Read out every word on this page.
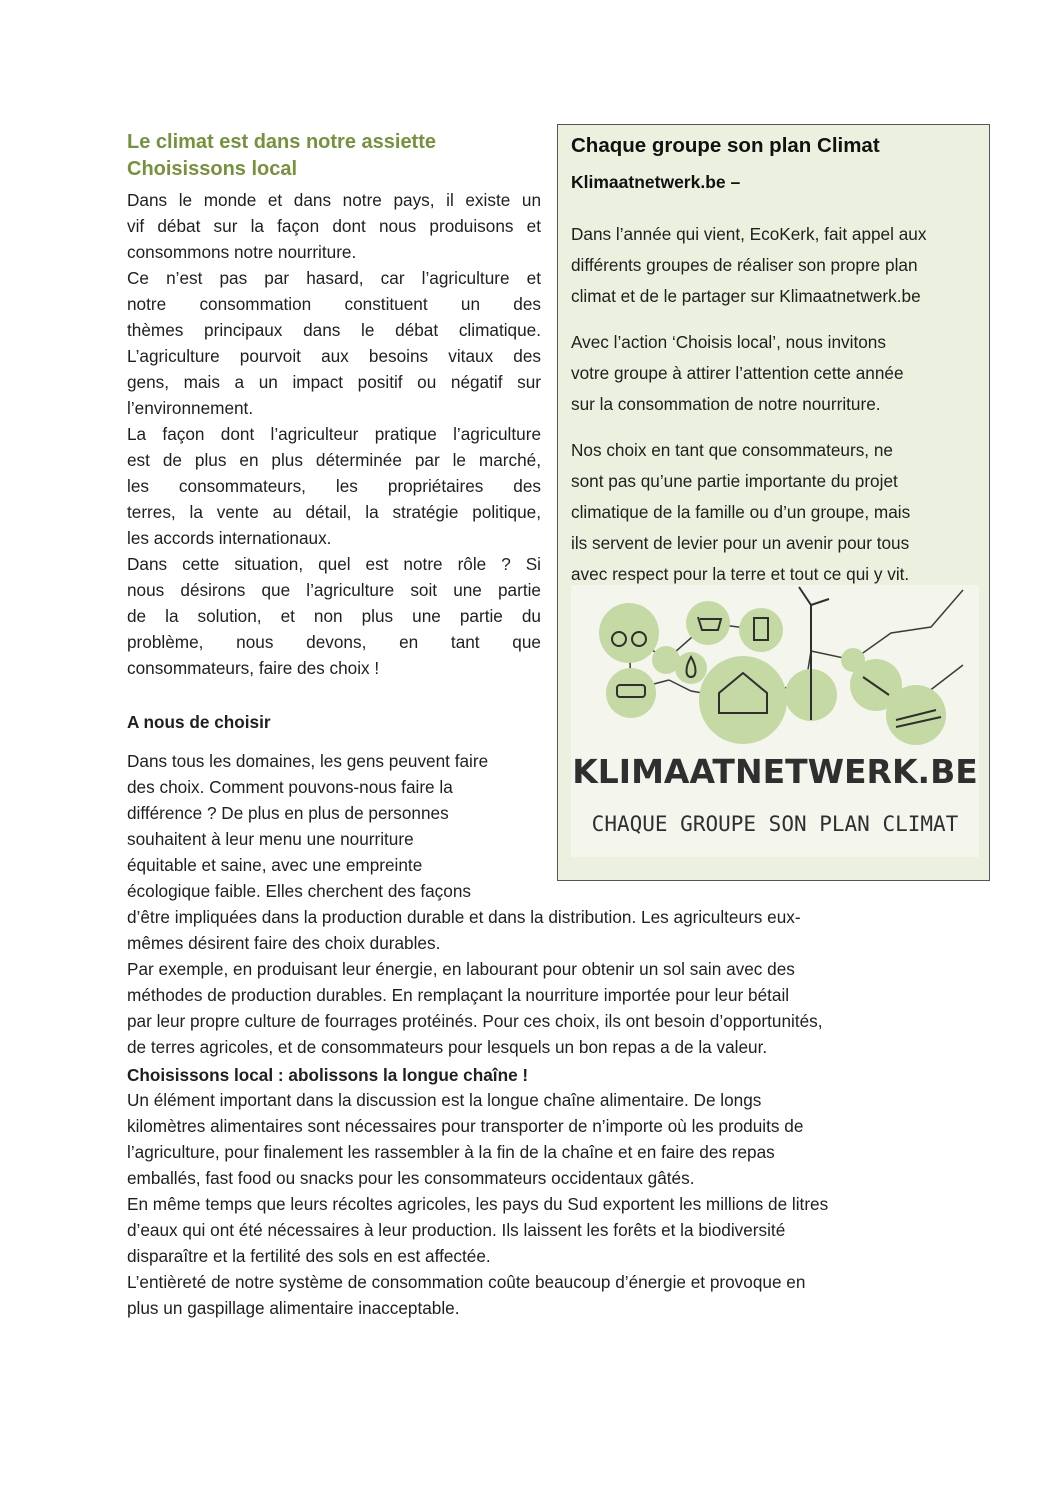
Le climat est dans notre assiette
Choisissons local
Dans le monde et dans notre pays, il existe un
vif débat sur la façon dont nous produisons et
consommons notre nourriture.
Ce n’est pas par hasard, car l’agriculture et
notre consommation constituent un des
thèmes principaux dans le débat climatique.
L’agriculture pourvoit aux besoins vitaux des
gens, mais a un impact positif ou négatif sur
l’environnement.
La façon dont l’agriculteur pratique l’agriculture
est de plus en plus déterminée par le marché,
les consommateurs, les propriétaires des
terres, la vente au détail, la stratégie politique,
les accords internationaux.
Dans cette situation, quel est notre rôle ? Si
nous désirons que l’agriculture soit une partie
de la solution, et non plus une partie du
problème, nous devons, en tant que
consommateurs, faire des choix !
A nous de choisir
Dans tous les domaines, les gens peuvent faire
des choix. Comment pouvons-nous faire la
différence ? De plus en plus de personnes
souhaitent à leur menu une nourriture
équitable et saine, avec une empreinte
écologique faible. Elles cherchent des façons
d’être impliquées dans la production durable et dans la distribution. Les agriculteurs eux-
mêmes désirent faire des choix durables.
Par exemple, en produisant leur énergie, en labourant pour obtenir un sol sain avec des
méthodes de production durables. En remplaçant la nourriture importée pour leur bétail
par leur propre culture de fourrages protéinés. Pour ces choix, ils ont besoin d’opportunités,
de terres agricoles, et de consommateurs pour lesquels un bon repas a de la valeur.
Choisissons local : abolissons la longue chaîne !
Un élément important dans la discussion est la longue chaîne alimentaire. De longs
kilomètres alimentaires sont nécessaires pour transporter de n’importe où les produits de
l’agriculture, pour finalement les rassembler à la fin de la chaîne et en faire des repas
emballés, fast food ou snacks pour les consommateurs occidentaux gâtés.
En même temps que leurs récoltes agricoles, les pays du Sud exportent les millions de litres
d’eaux qui ont été nécessaires à leur production. Ils laissent les forêts et la biodiversité
disparaître et la fertilité des sols en est affectée.
L’entièreté de notre système de consommation coûte beaucoup d’énergie et provoque en
plus un gaspillage alimentaire inacceptable.
Chaque groupe son plan Climat
Klimaatnetwerk.be –
Dans l’année qui vient, EcoKerk, fait appel aux
différents groupes de réaliser son propre plan
climat et de le partager sur Klimaatnetwerk.be
Avec l’action ‘Choisis local’, nous invitons
votre groupe à attirer l’attention cette année
sur la consommation de notre nourriture.
Nos choix en tant que consommateurs, ne
sont pas qu’une partie importante du projet
climatique de la famille ou d’un groupe, mais
ils servent de levier pour un avenir pour tous
avec respect pour la terre et tout ce qui y vit.
KLIMAATNETWERK.BE
CHAQUE GROUPE SON PLAN CLIMAT
